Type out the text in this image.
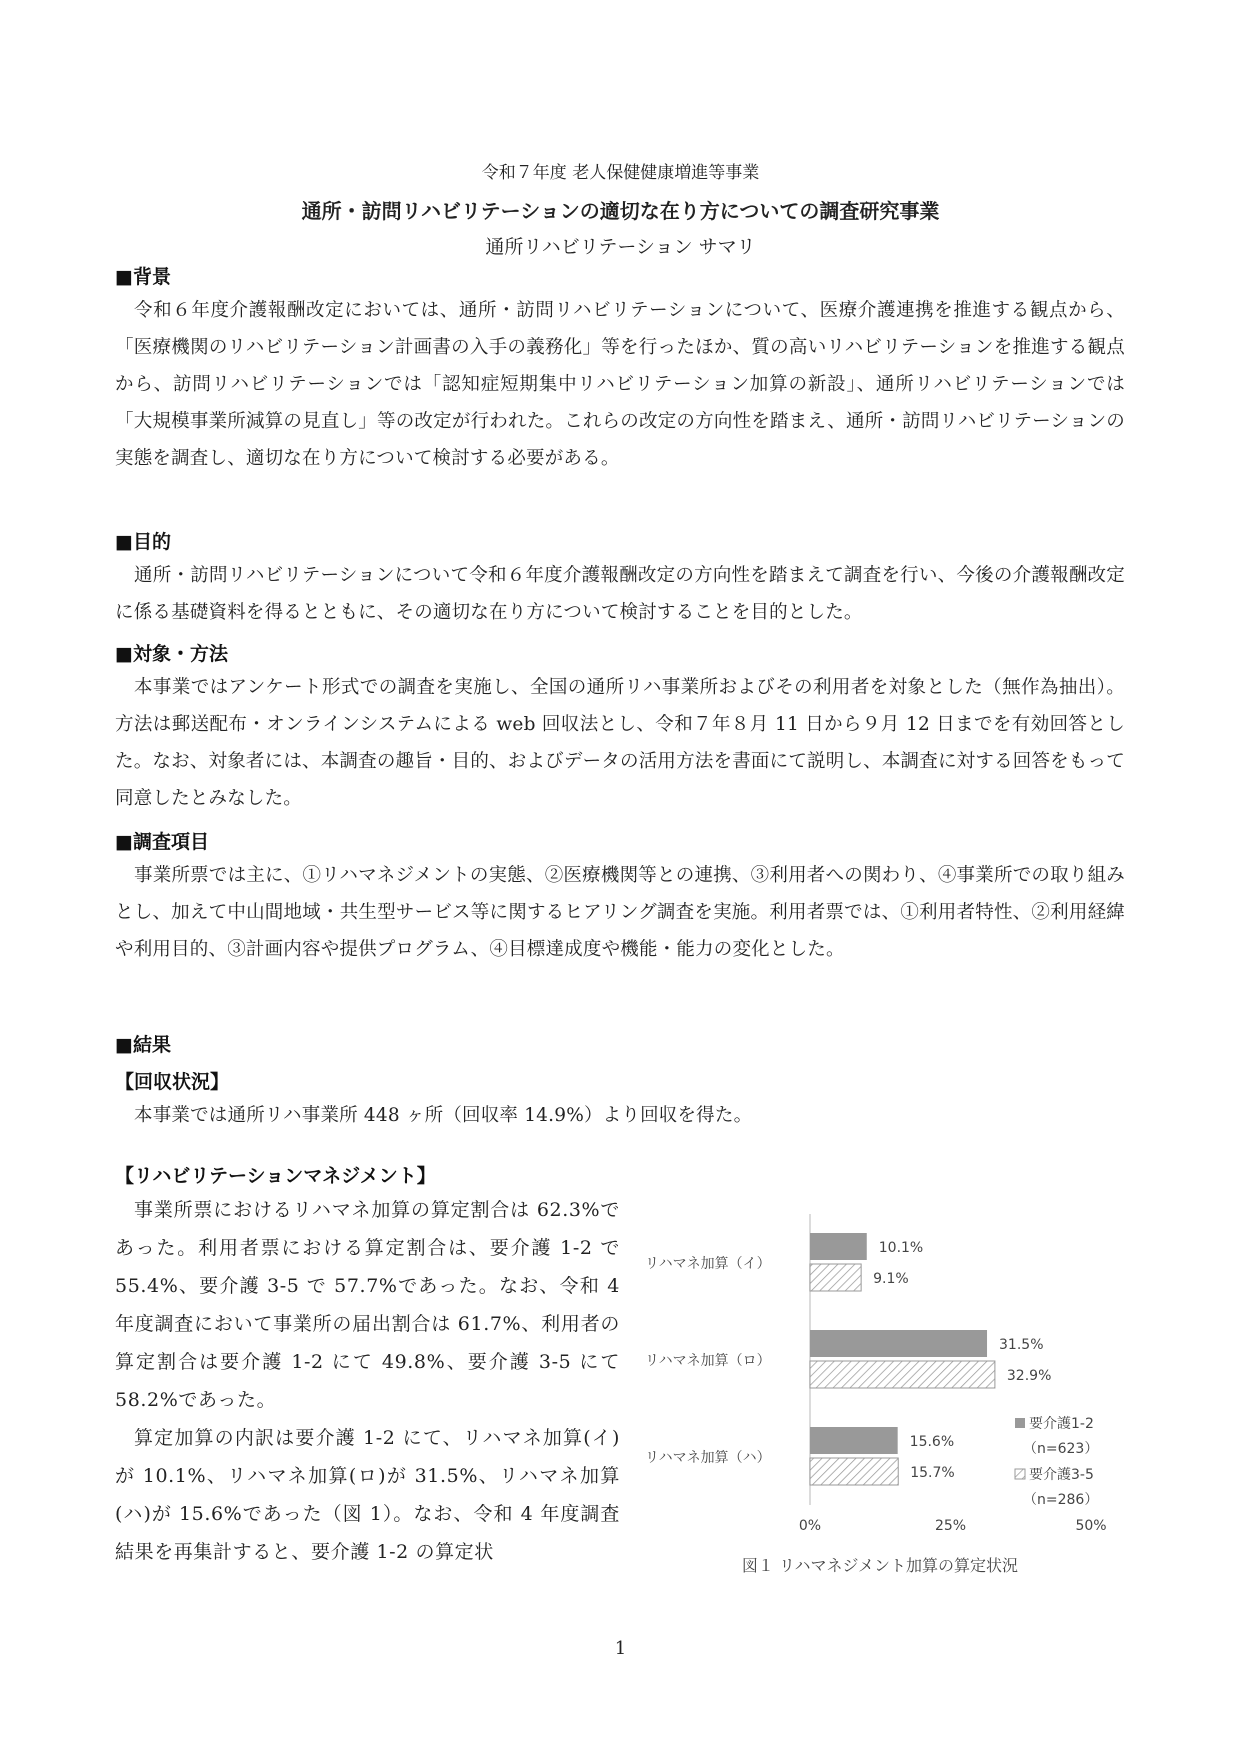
令和７年度 老人保健健康増進等事業
通所・訪問リハビリテーションの適切な在り方についての調査研究事業
通所リハビリテーション サマリ
■背景
令和６年度介護報酬改定においては、通所・訪問リハビリテーションについて、医療介護連携を推進する観点から、「医療機関のリハビリテーション計画書の入手の義務化」等を行ったほか、質の高いリハビリテーションを推進する観点から、訪問リハビリテーションでは「認知症短期集中リハビリテーション加算の新設」、通所リハビリテーションでは「大規模事業所減算の見直し」等の改定が行われた。これらの改定の方向性を踏まえ、通所・訪問リハビリテーションの実態を調査し、適切な在り方について検討する必要がある。
■目的
通所・訪問リハビリテーションについて令和６年度介護報酬改定の方向性を踏まえて調査を行い、今後の介護報酬改定に係る基礎資料を得るとともに、その適切な在り方について検討することを目的とした。
■対象・方法
本事業ではアンケート形式での調査を実施し、全国の通所リハ事業所およびその利用者を対象とした（無作為抽出）。方法は郵送配布・オンラインシステムによる web 回収法とし、令和７年８月 11 日から９月 12 日までを有効回答とした。なお、対象者には、本調査の趣旨・目的、およびデータの活用方法を書面にて説明し、本調査に対する回答をもって同意したとみなした。
■調査項目
事業所票では主に、①リハマネジメントの実態、②医療機関等との連携、③利用者への関わり、④事業所での取り組みとし、加えて中山間地域・共生型サービス等に関するヒアリング調査を実施。利用者票では、①利用者特性、②利用経緯や利用目的、③計画内容や提供プログラム、④目標達成度や機能・能力の変化とした。
■結果
【回収状況】
本事業では通所リハ事業所 448 ヶ所（回収率 14.9%）より回収を得た。
【リハビリテーションマネジメント】
事業所票におけるリハマネ加算の算定割合は 62.3%であった。利用者票における算定割合は、要介護 1-2 で 55.4%、要介護 3-5 で 57.7%であった。なお、令和 4 年度調査において事業所の届出割合は 61.7%、利用者の算定割合は要介護 1-2 にて 49.8%、要介護 3-5 にて 58.2%であった。
算定加算の内訳は要介護 1-2 にて、リハマネ加算(イ)が 10.1%、リハマネ加算(ロ)が 31.5%、リハマネ加算(ハ)が 15.6%であった（図 1）。なお、令和 4 年度調査結果を再集計すると、要介護 1-2 の算定状
リハマネ加算（イ）
10.1%
9.1%
リハマネ加算（ロ）
31.5%
32.9%
リハマネ加算（ハ）
15.6%
15.7%
0%	25%	50%
要介護1-2
（n=623）
要介護3-5
（n=286）
図１ リハマネジメント加算の算定状況
1
